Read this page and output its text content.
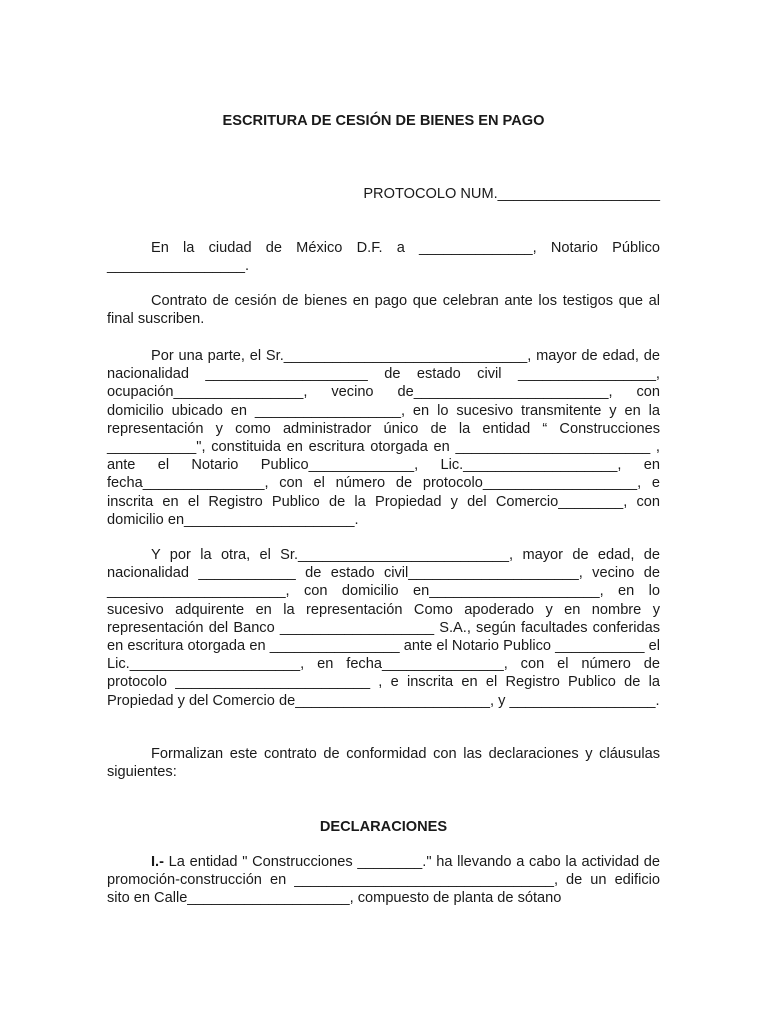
ESCRITURA DE CESIÓN DE BIENES EN PAGO

PROTOCOLO NUM.____________________

En la ciudad de México D.F. a ______________, Notario Público _________________.

Contrato de cesión de bienes en pago que celebran ante los testigos que al final suscriben.

Por una parte, el Sr.______________________________, mayor de edad, de nacionalidad ____________________ de estado civil _________________, ocupación________________, vecino de________________________, con domicilio ubicado en __________________, en lo sucesivo transmitente y en la representación y como administrador único de la entidad “ Construcciones ___________", constituida en escritura otorgada en ________________________ , ante el Notario Publico_____________, Lic.___________________, en fecha_______________, con el número de protocolo___________________, e inscrita en el Registro Publico de la Propiedad y del Comercio________, con domicilio en_____________________.

Y por la otra, el Sr.__________________________, mayor de edad, de nacionalidad ____________ de estado civil_____________________, vecino de ______________________, con domicilio en_____________________, en lo sucesivo adquirente en la representación Como apoderado y en nombre y representación del Banco ___________________ S.A., según facultades conferidas en escritura otorgada en ________________ ante el Notario Publico ___________ el Lic._____________________, en fecha_______________, con el número de protocolo ________________________ , e inscrita en el Registro Publico de la Propiedad y del Comercio de________________________, y __________________.

Formalizan este contrato de conformidad con las declaraciones y cláusulas siguientes:

DECLARACIONES

I.- La entidad " Construcciones ________." ha llevando a cabo la actividad de promoción-construcción en ________________________________, de un edificio sito en Calle____________________, compuesto de planta de sótano
